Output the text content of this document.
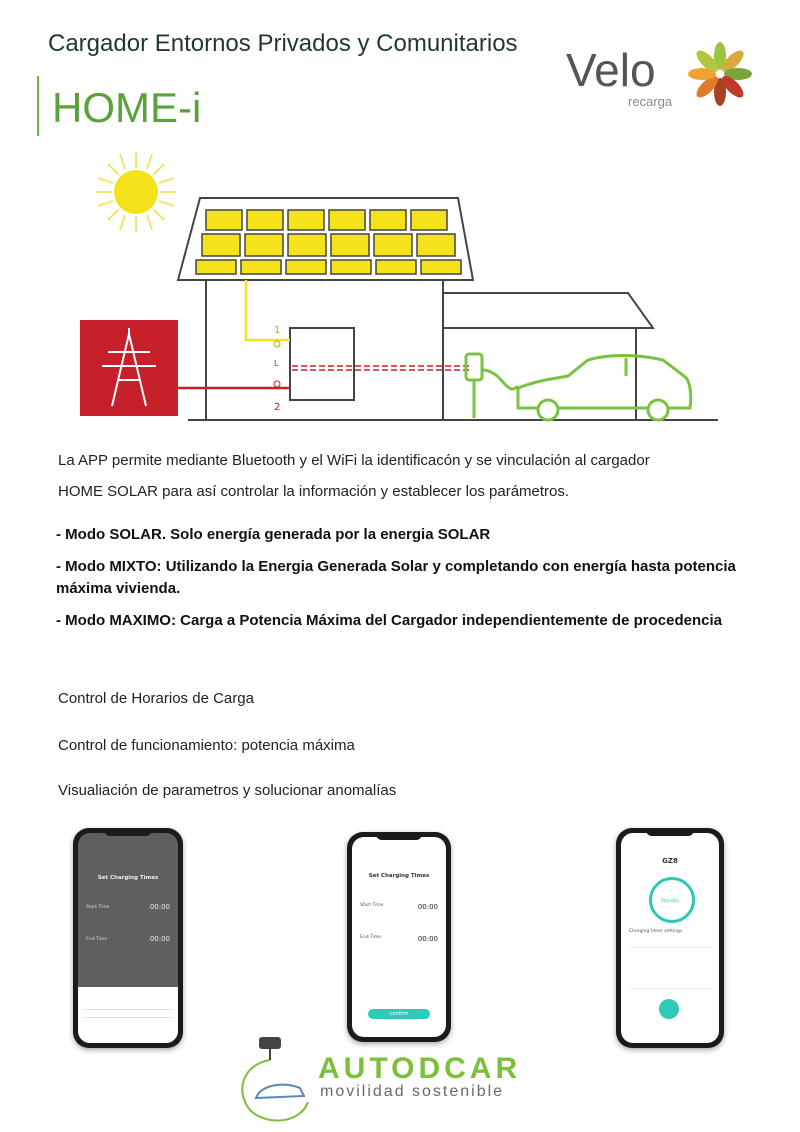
Cargador Entornos Privados y Comunitarios
HOME-i
Velo
recarga
1
L
2
La APP permite mediante Bluetooth y el WiFi la identificacón y se vinculación al cargador
HOME SOLAR para así controlar la información y establecer los parámetros.
- Modo SOLAR. Solo energía generada por la energia SOLAR
- Modo MIXTO: Utilizando la Energia Generada Solar y completando con energía hasta potencia máxima vivienda.
- Modo MAXIMO: Carga a Potencia Máxima del Cargador independientemente de procedencia
Control de Horarios de Carga
Control de funcionamiento: potencia máxima
Visualiación de parametros y solucionar anomalías
Set Charging Times
Start Time	00:00
End Time	00:00
Set Charging Times
Start Time	00:00
End Time	00:00
confirm
GZ8
Standby
Charging timer settings
AUTODCAR
movilidad sostenible
